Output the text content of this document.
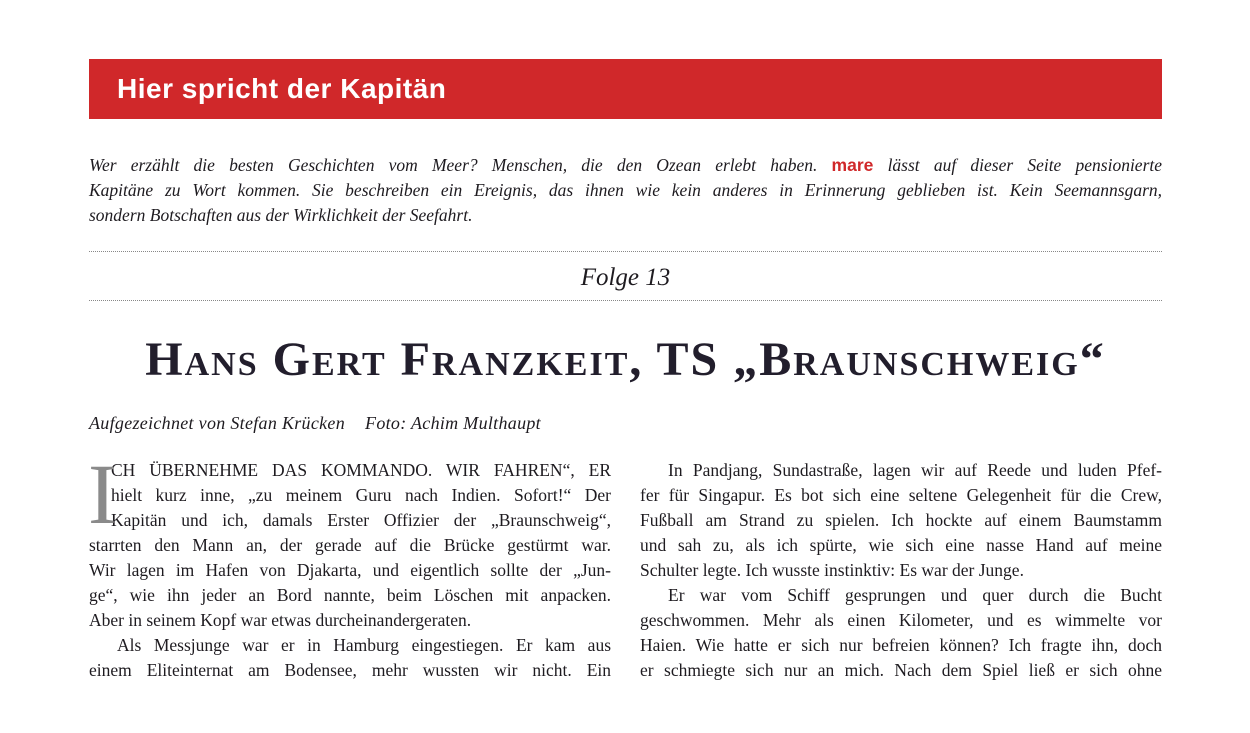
Hier spricht der Kapitän
Wer erzählt die besten Geschichten vom Meer? Menschen, die den Ozean erlebt haben. mare lässt auf dieser Seite pensionierte
Kapitäne zu Wort kommen. Sie beschreiben ein Ereignis, das ihnen wie kein anderes in Erinnerung geblieben ist. Kein Seemannsgarn,
sondern Botschaften aus der Wirklichkeit der Seefahrt.
Folge 13
Hans Gert Franzkeit, TS „Braunschweig“
Aufgezeichnet von Stefan Krücken Foto: Achim Multhaupt
I
CH ÜBERNEHME DAS KOMMANDO. WIR FAHREN“, ER
hielt kurz inne, „zu meinem Guru nach Indien. Sofort!“ Der
Kapitän und ich, damals Erster Offizier der „Braunschweig“,
starrten den Mann an, der gerade auf die Brücke gestürmt war.
Wir lagen im Hafen von Djakarta, und eigentlich sollte der „Jun-
ge“, wie ihn jeder an Bord nannte, beim Löschen mit anpacken.
Aber in seinem Kopf war etwas durcheinandergeraten.
Als Messjunge war er in Hamburg eingestiegen. Er kam aus
einem Eliteinternat am Bodensee, mehr wussten wir nicht. Ein
In Pandjang, Sundastraße, lagen wir auf Reede und luden Pfef-
fer für Singapur. Es bot sich eine seltene Gelegenheit für die Crew,
Fußball am Strand zu spielen. Ich hockte auf einem Baumstamm
und sah zu, als ich spürte, wie sich eine nasse Hand auf meine
Schulter legte. Ich wusste instinktiv: Es war der Junge.
Er war vom Schiff gesprungen und quer durch die Bucht
geschwommen. Mehr als einen Kilometer, und es wimmelte vor
Haien. Wie hatte er sich nur befreien können? Ich fragte ihn, doch
er schmiegte sich nur an mich. Nach dem Spiel ließ er sich ohne
